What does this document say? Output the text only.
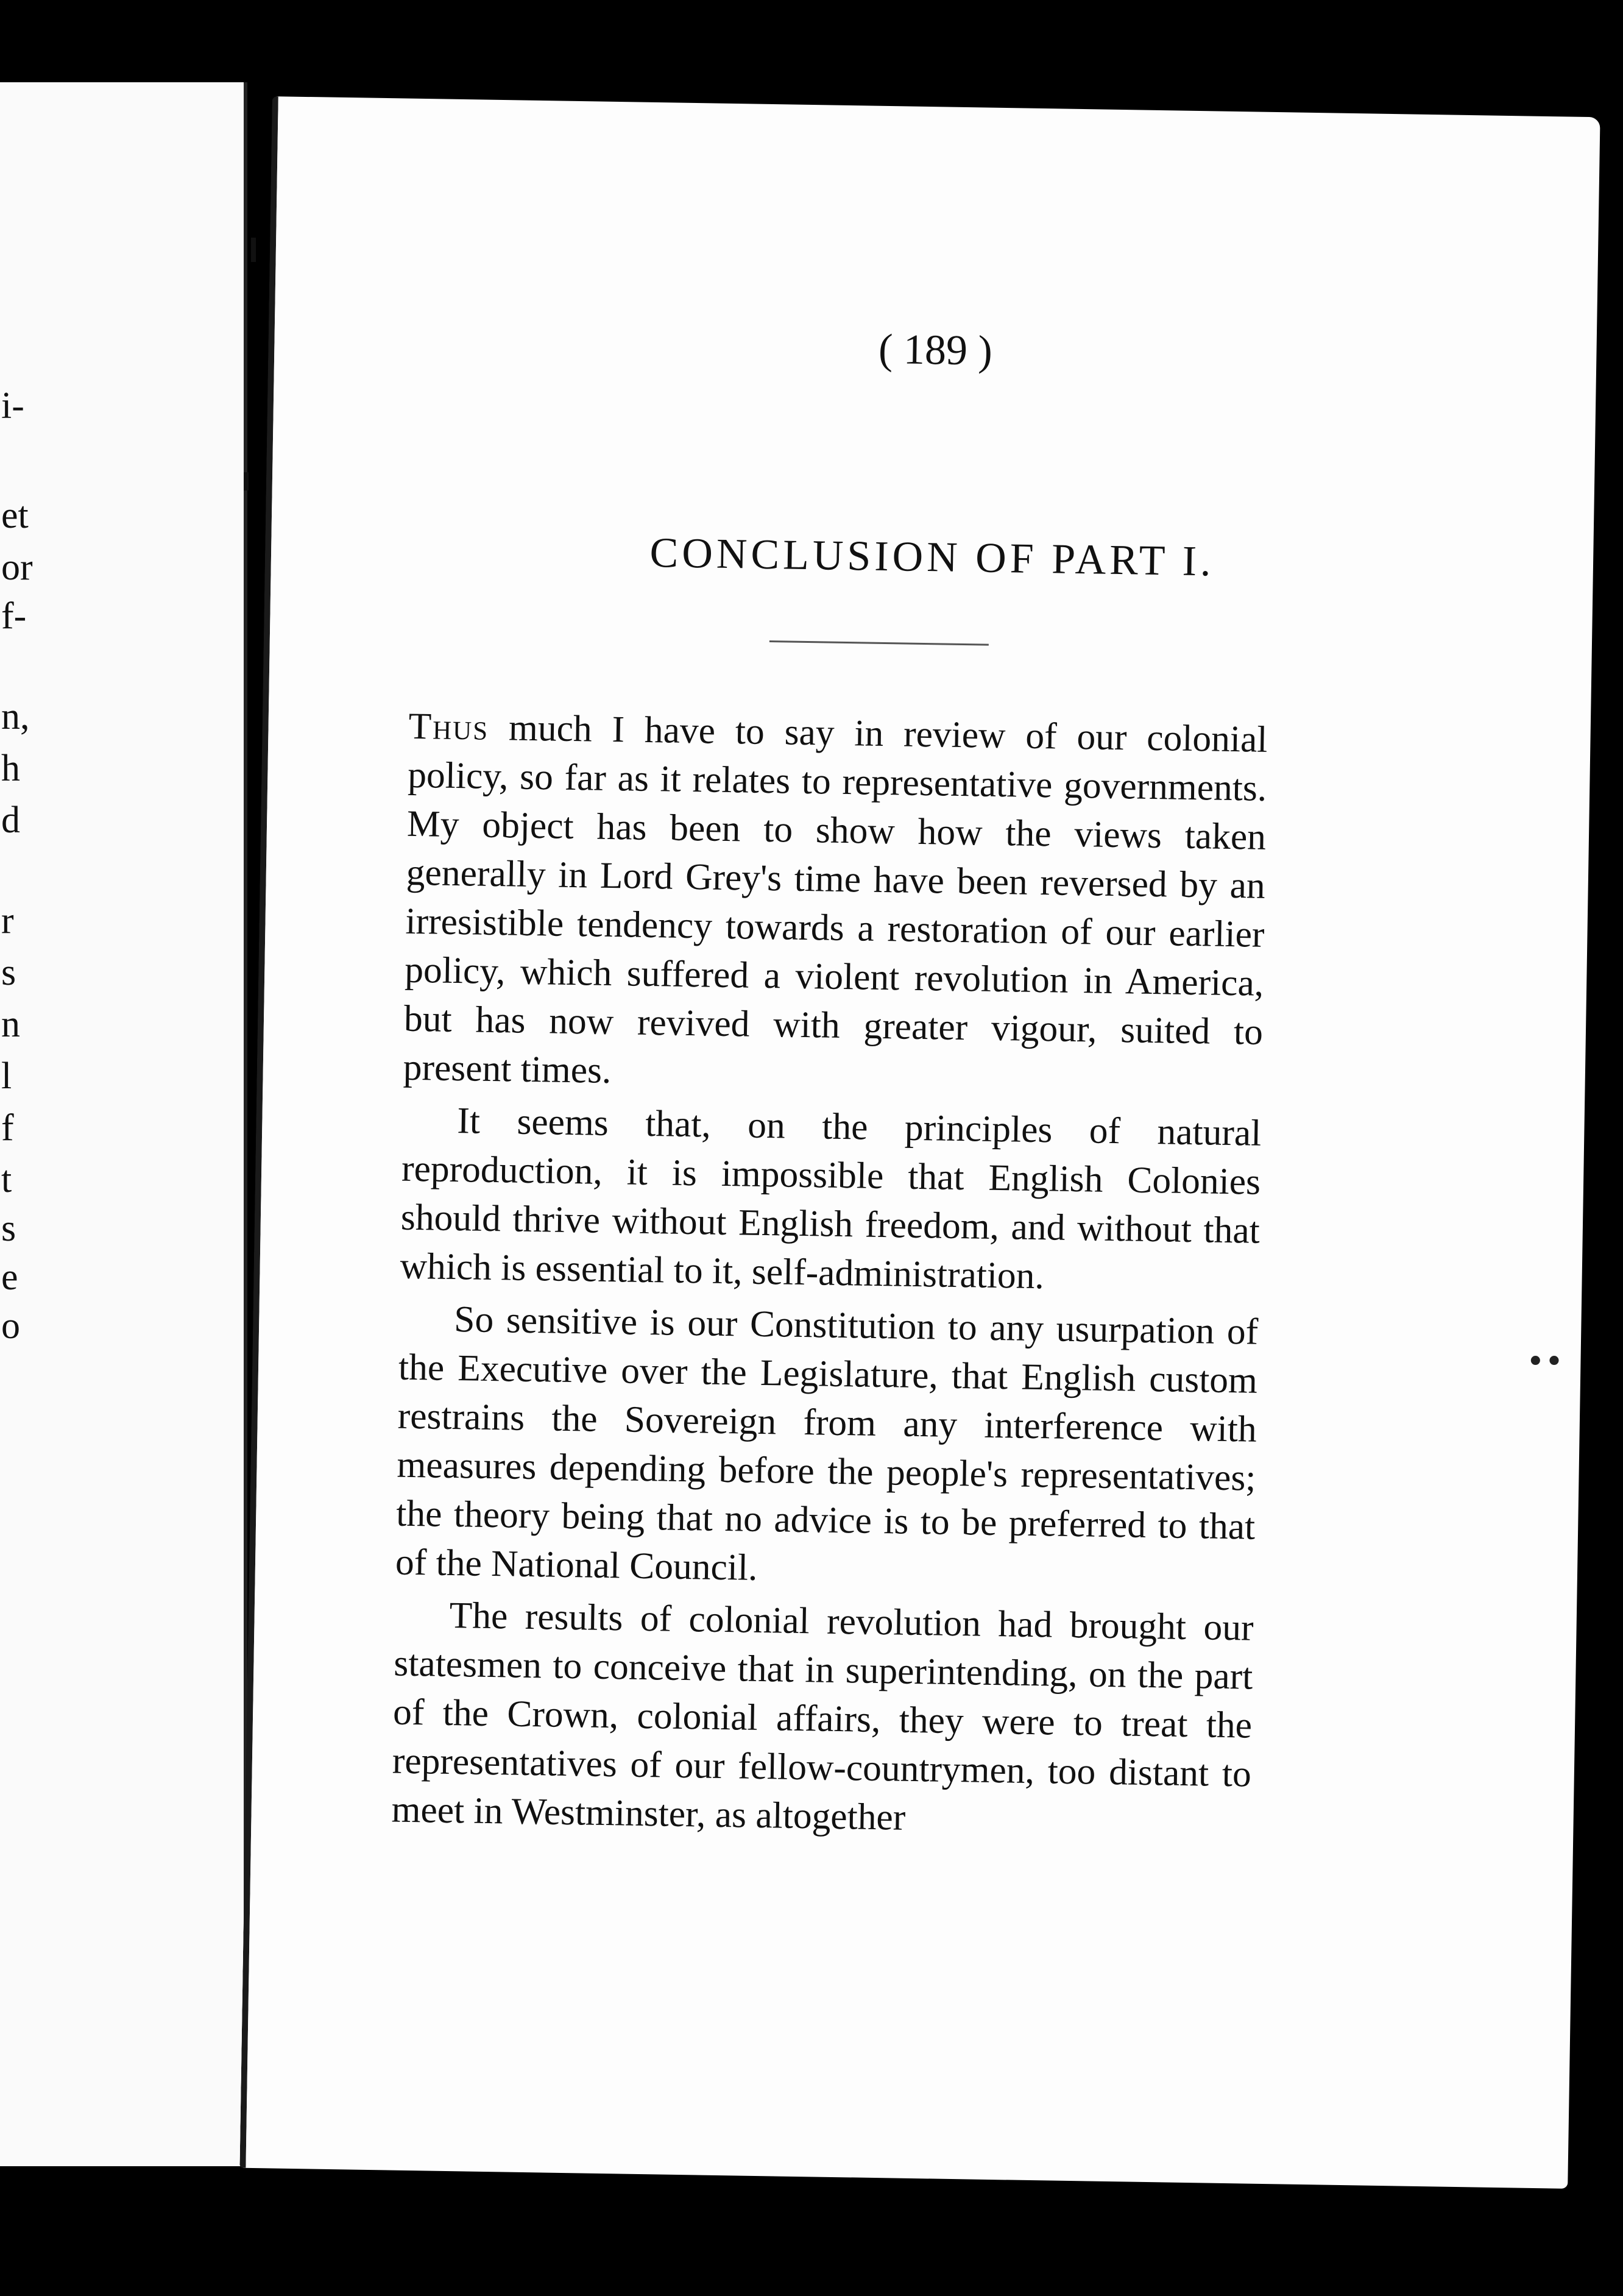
i-
et
or
f-
n,
h
d
r
s
n
l
f
t
s
e
o
( 189 )
CONCLUSION OF PART I.

Thus much I have to say in review of our colonial policy, so far as it relates to representative governments. My object has been to show how the views taken generally in Lord Grey's time have been reversed by an irresistible tendency towards a restoration of our earlier policy, which suffered a violent revolution in America, but has now revived with greater vigour, suited to present times.

It seems that, on the principles of natural reproduction, it is impossible that English Colonies should thrive without English freedom, and without that which is essential to it, self-administration.

So sensitive is our Constitution to any usurpation of the Executive over the Legislature, that English custom restrains the Sovereign from any interference with measures depending before the people's representatives; the theory being that no advice is to be preferred to that of the National Council.

The results of colonial revolution had brought our statesmen to conceive that in superintending, on the part of the Crown, colonial affairs, they were to treat the representatives of our fellow-countrymen, too distant to meet in Westminster, as altogether

••
